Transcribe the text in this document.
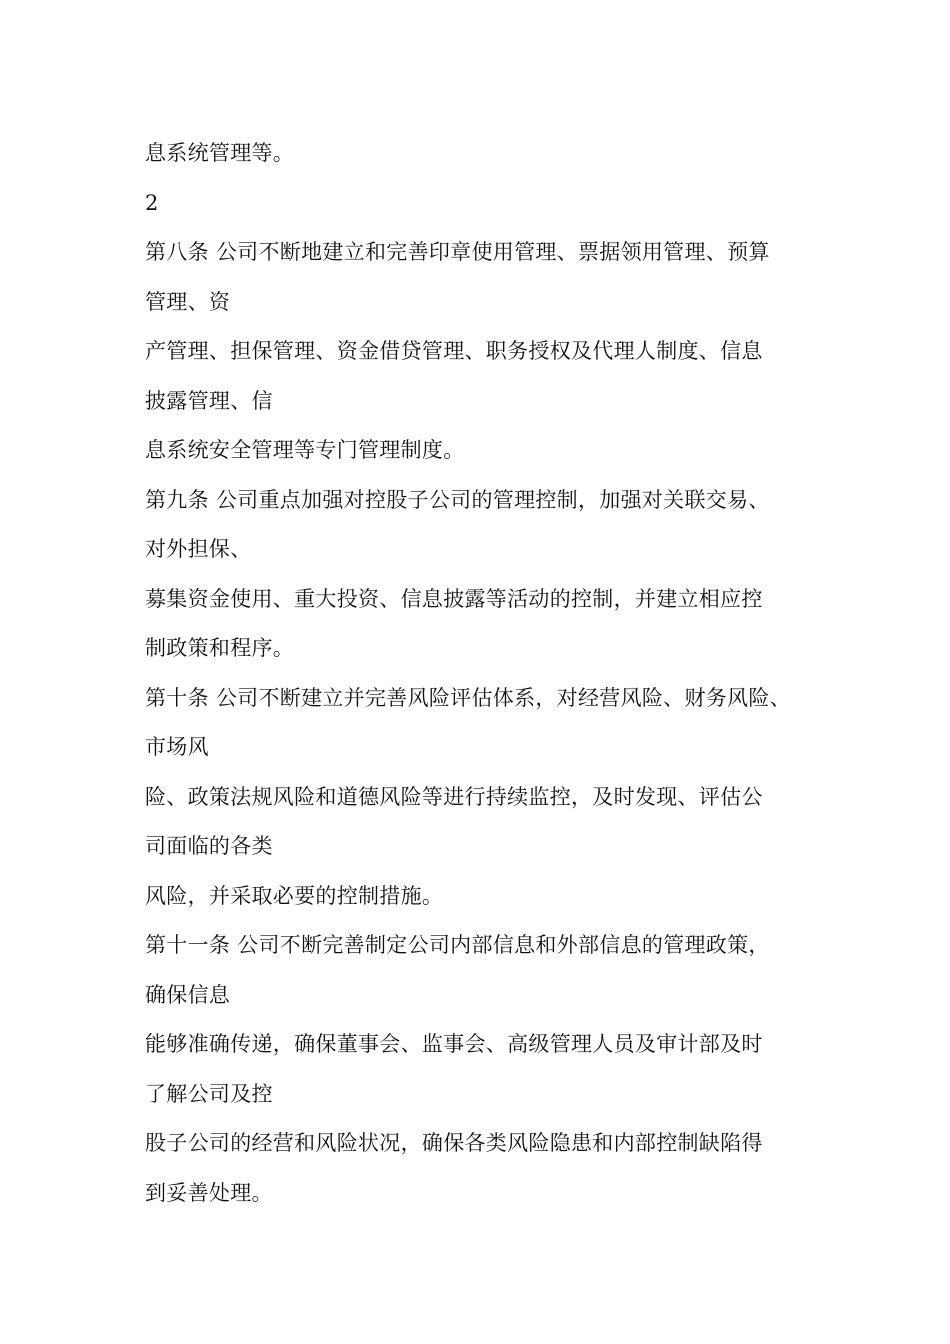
息系统管理等。
2
第八条 公司不断地建立和完善印章使用管理、票据领用管理、预算
管理、资
产管理、担保管理、资金借贷管理、职务授权及代理人制度、信息
披露管理、信
息系统安全管理等专门管理制度。
第九条 公司重点加强对控股子公司的管理控制，加强对关联交易、
对外担保、
募集资金使用、重大投资、信息披露等活动的控制，并建立相应控
制政策和程序。
第十条 公司不断建立并完善风险评估体系，对经营风险、财务风险、
市场风
险、政策法规风险和道德风险等进行持续监控，及时发现、评估公
司面临的各类
风险，并采取必要的控制措施。
第十一条 公司不断完善制定公司内部信息和外部信息的管理政策，
确保信息
能够准确传递，确保董事会、监事会、高级管理人员及审计部及时
了解公司及控
股子公司的经营和风险状况，确保各类风险隐患和内部控制缺陷得
到妥善处理。
